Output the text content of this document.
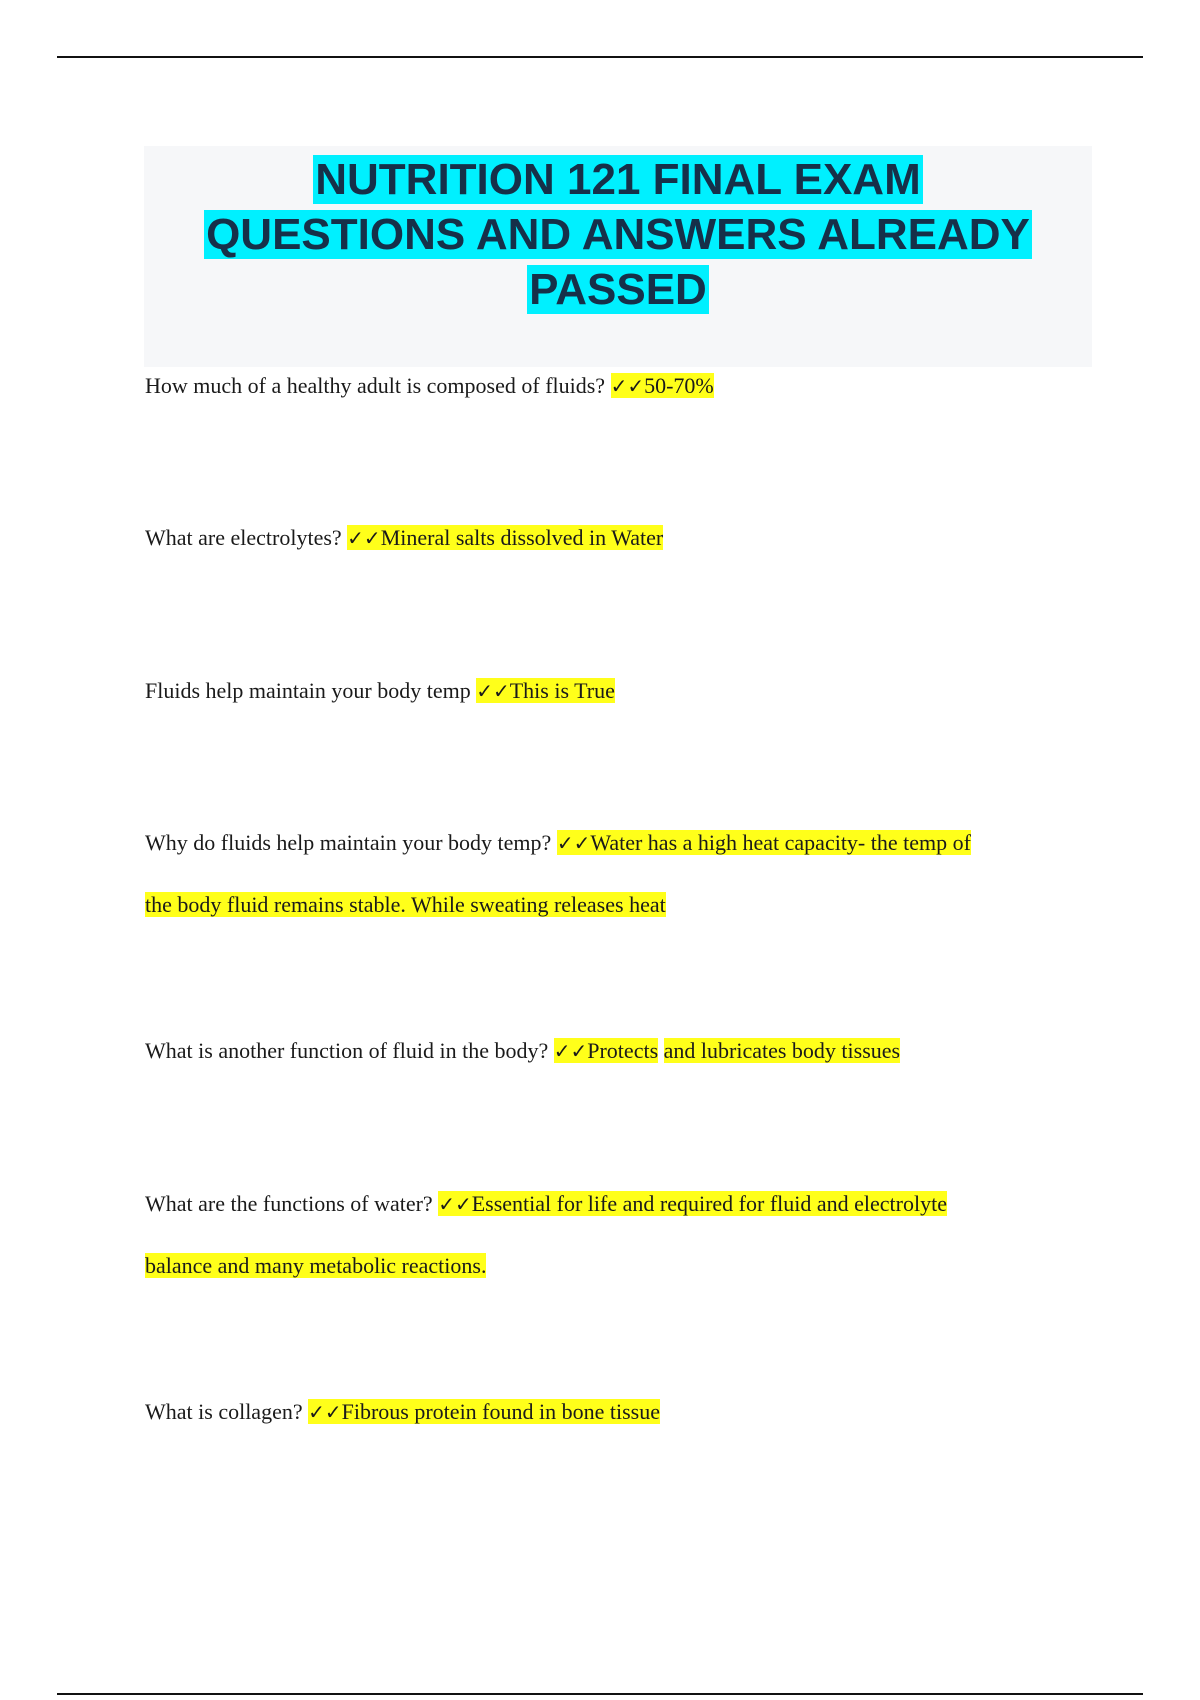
NUTRITION 121 FINAL EXAM
QUESTIONS AND ANSWERS ALREADY
PASSED
How much of a healthy adult is composed of fluids? ✓✓50-70%
What are electrolytes? ✓✓Mineral salts dissolved in Water
Fluids help maintain your body temp ✓✓This is True
Why do fluids help maintain your body temp? ✓✓Water has a high heat capacity- the temp of
the body fluid remains stable. While sweating releases heat
What is another function of fluid in the body? ✓✓Protects and lubricates body tissues
What are the functions of water? ✓✓Essential for life and required for fluid and electrolyte
balance and many metabolic reactions.
What is collagen? ✓✓Fibrous protein found in bone tissue
